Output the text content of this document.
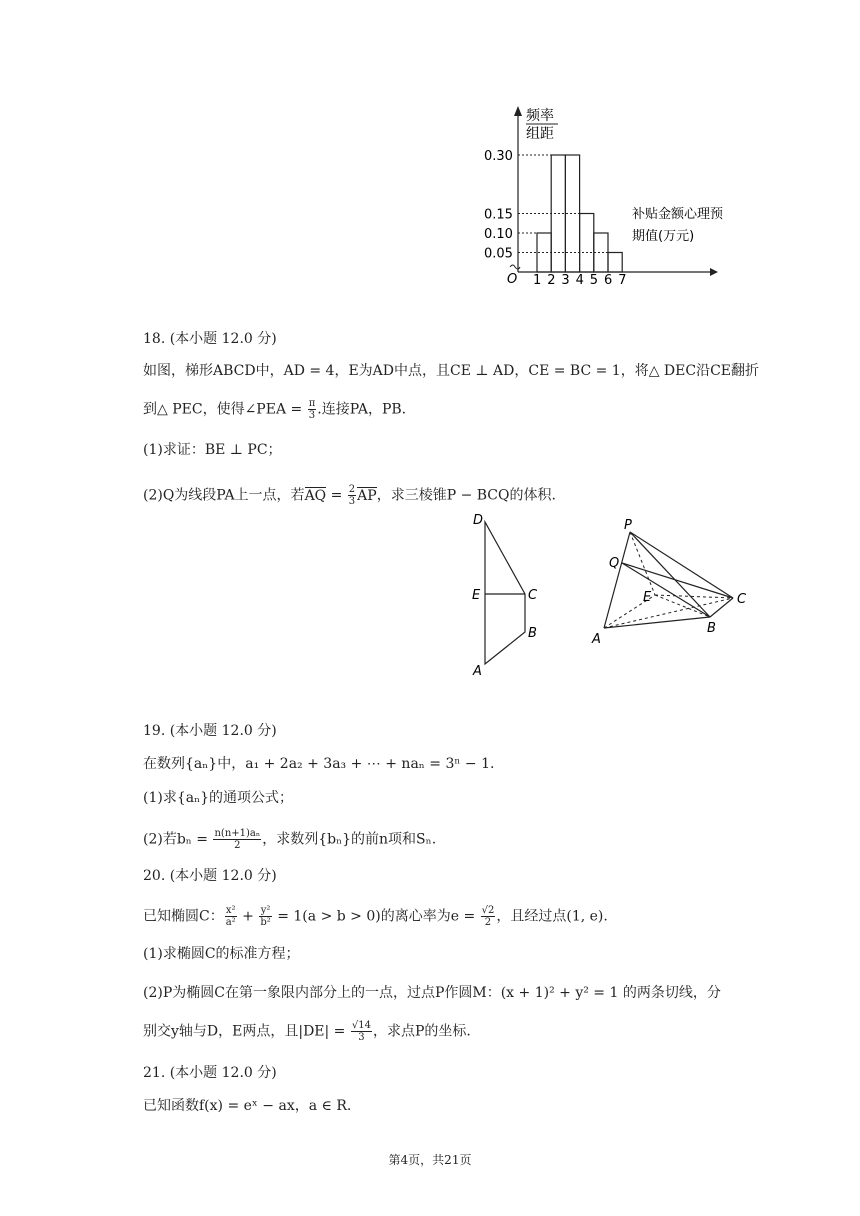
频率
组距
0.30
0.15
0.10
0.05
O 1 2 3 4 5 6 7
补贴金额心理预
期值(万元)
18. (本小题 12.0 分)
如图，梯形ABCD中，AD = 4，E为AD中点，且CE ⊥ AD，CE = BC = 1，将△ DEC沿CE翻折
到△ PEC，使得∠PEA = $\frac{\pi}{3}$ .连接PA，PB.
(1)求证：BE ⊥ PC；
(2)Q为线段PA上一点，若AQ = $\frac{2}{3}$ AP，求三棱锥P − BCQ的体积.
D
E	C
B
A
P
Q
E	C
B
A
19. (本小题 12.0 分)
在数列{aₙ}中，a₁ + 2a₂ + 3a₃ + ⋯ + naₙ = 3ⁿ − 1.
(1)求{aₙ}的通项公式；
(2)若$b_n = \frac{\text{n(n+1)aₙ}}{2}$ ，求数列{bₙ}的前n项和Sₙ.
20. (本小题 12.0 分)
已知椭圆C： $\frac{\text{x²}}{\text{a²}} + \frac{\text{y²}}{\text{b²}} = 1(a > b > 0)$的离心率为$e = \frac{√2}{2}$ ，且经过点(1, e).
(1)求椭圆C的标准方程；
(2)P为椭圆C在第一象限内部分上的一点，过点P作圆M：(x + 1)² + y² = 1 的两条切线，分
别交y轴与D，E两点，且$|DE| = \frac{√14}{3}$ ，求点P的坐标.
21. (本小题 12.0 分)
已知函数f(x) = eˣ − ax，a ∈ R.
第4页，共21页
